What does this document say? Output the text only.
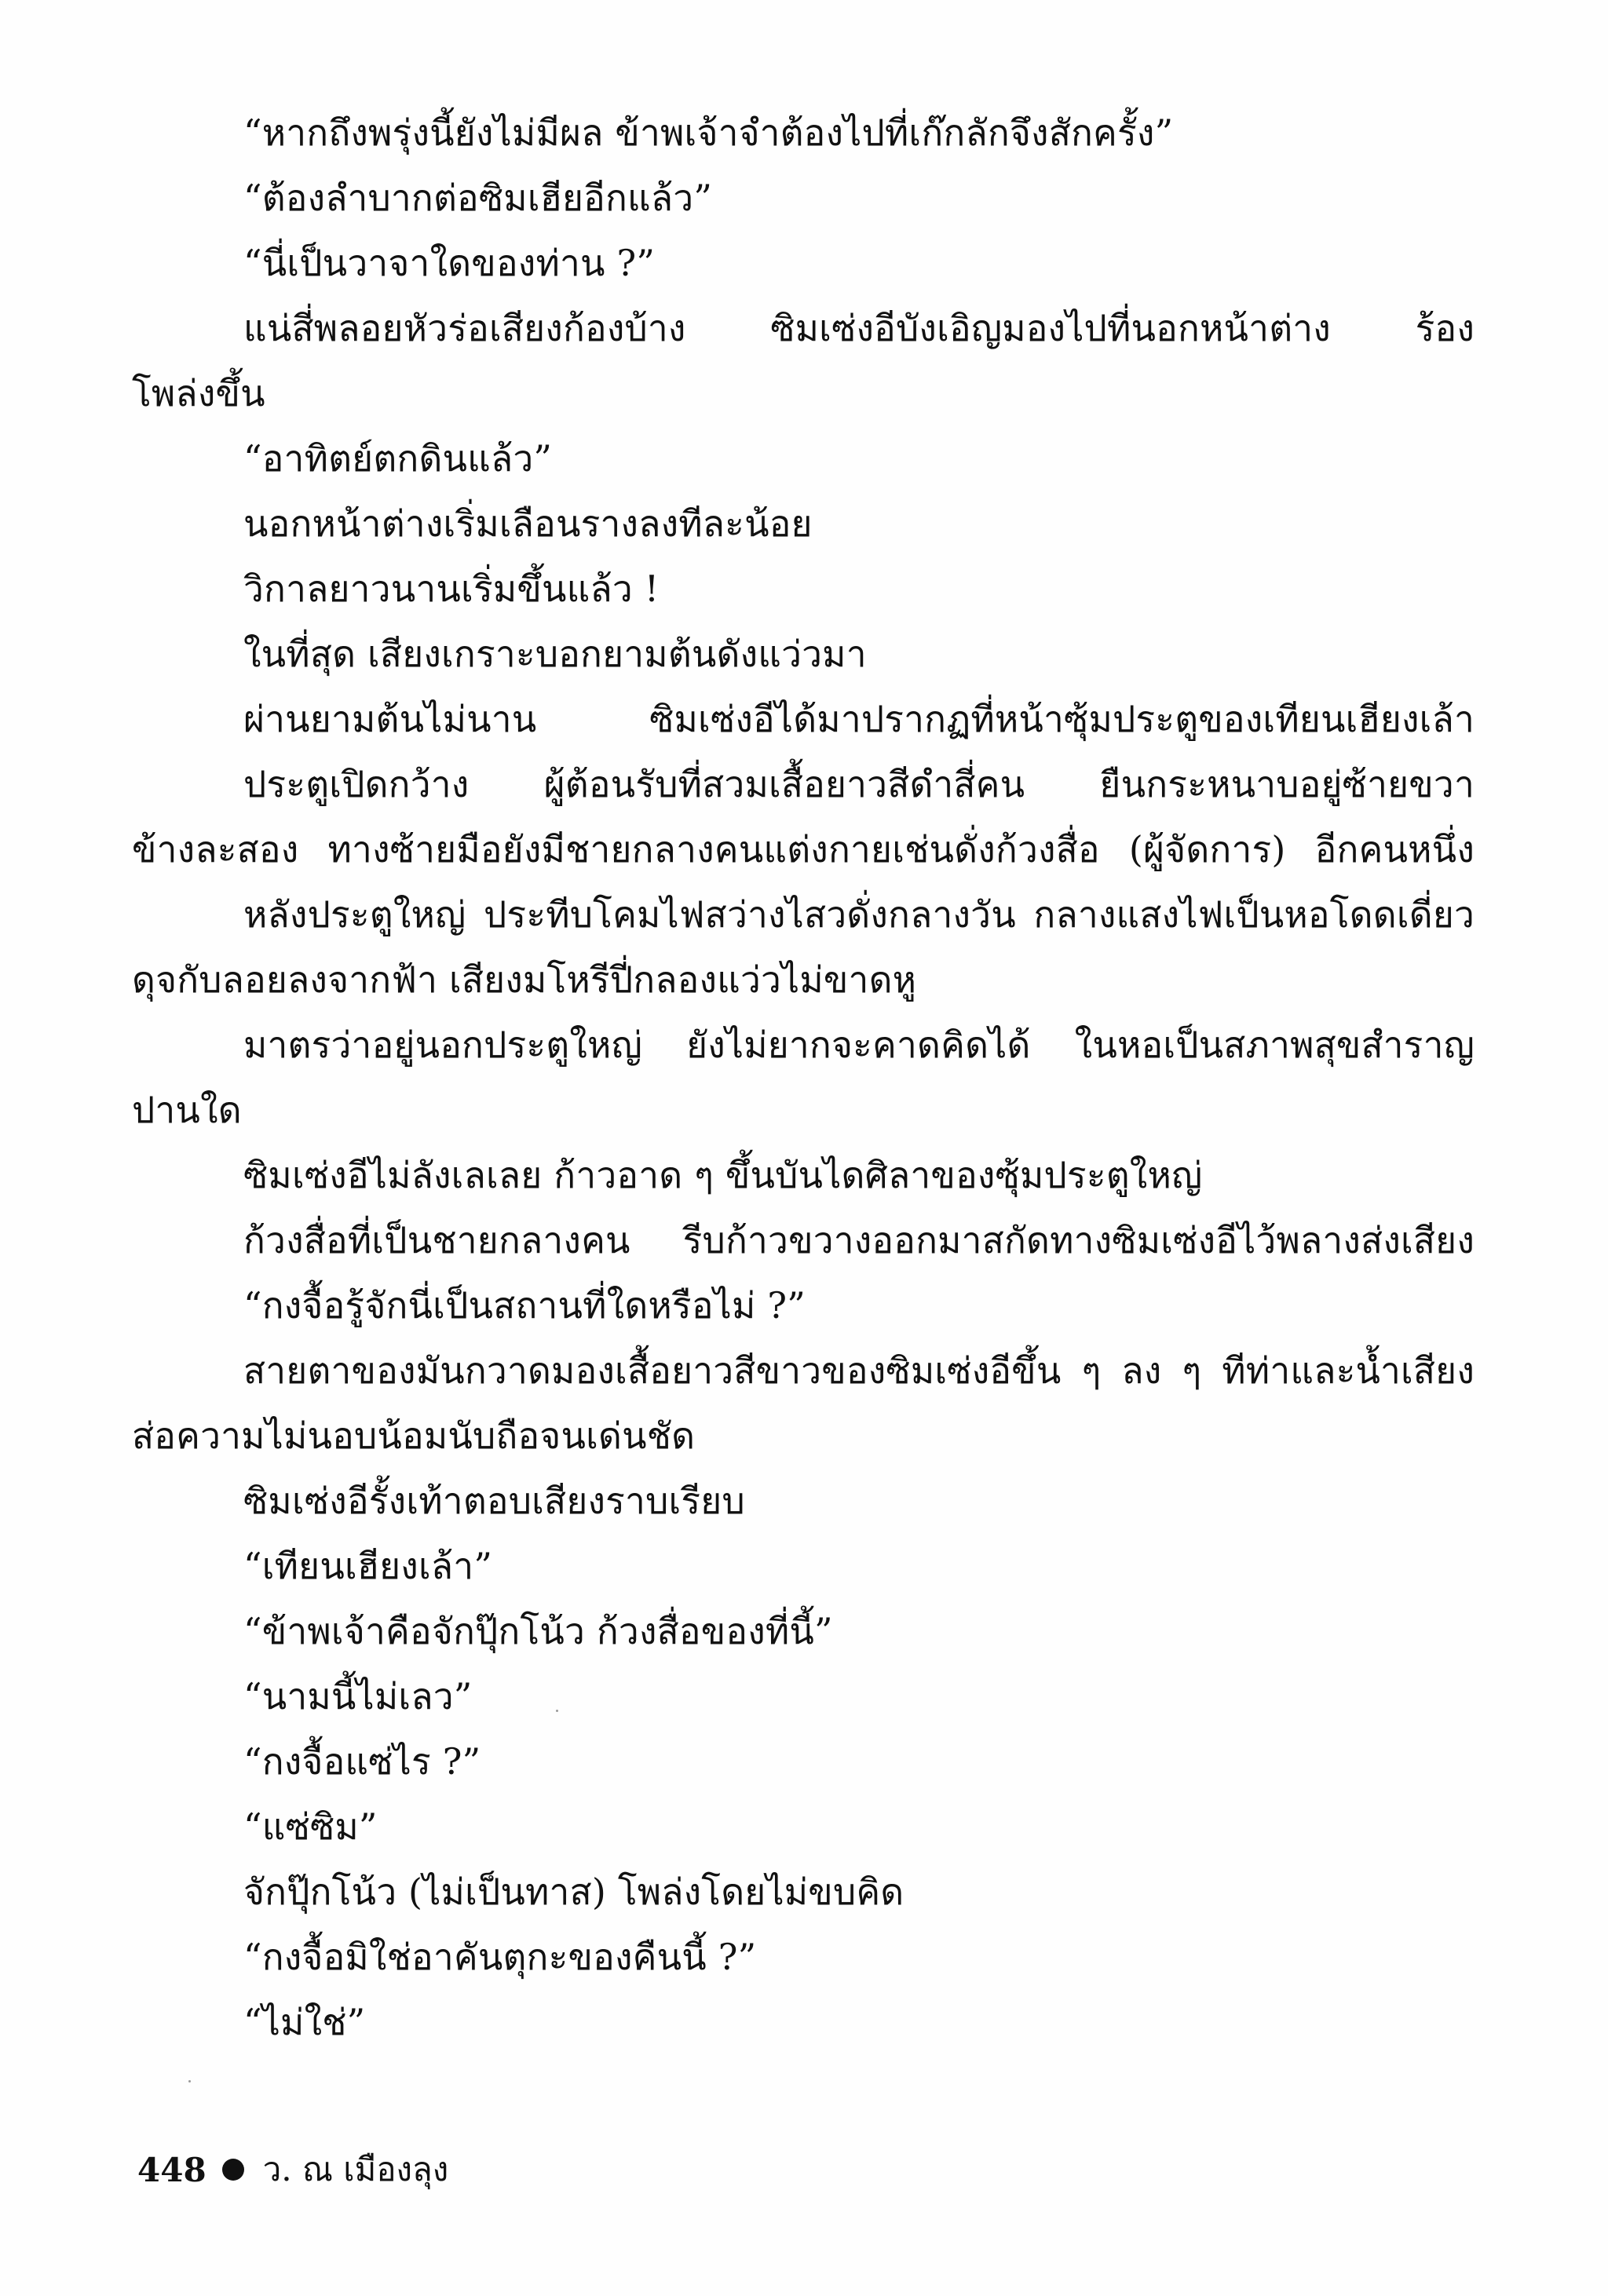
“หากถึงพรุ่งนี้ยังไม่มีผล ข้าพเจ้าจำต้องไปที่เก๊กลักจึงสักครั้ง”
“ต้องลำบากต่อซิมเฮียอีกแล้ว”
“นี่เป็นวาจาใดของท่าน ?”
แน่สี่พลอยหัวร่อเสียงก้องบ้าง ซิมเซ่งอีบังเอิญมองไปที่นอกหน้าต่าง ร้อง
โพล่งขึ้น
“อาทิตย์ตกดินแล้ว”
นอกหน้าต่างเริ่มเลือนรางลงทีละน้อย
วิกาลยาวนานเริ่มขึ้นแล้ว !
ในที่สุด เสียงเกราะบอกยามต้นดังแว่วมา
ผ่านยามต้นไม่นาน ซิมเซ่งอีได้มาปรากฏที่หน้าซุ้มประตูของเทียนเฮียงเล้า
ประตูเปิดกว้าง ผู้ต้อนรับที่สวมเสื้อยาวสีดำสี่คน ยืนกระหนาบอยู่ซ้ายขวา
ข้างละสอง ทางซ้ายมือยังมีชายกลางคนแต่งกายเช่นดั่งก้วงสื่อ (ผู้จัดการ) อีกคนหนึ่ง
หลังประตูใหญ่ ประทีบโคมไฟสว่างไสวดั่งกลางวัน กลางแสงไฟเป็นหอโดดเดี่ยว
ดุจกับลอยลงจากฟ้า เสียงมโหรีปี่กลองแว่วไม่ขาดหู
มาตรว่าอยู่นอกประตูใหญ่ ยังไม่ยากจะคาดคิดได้ ในหอเป็นสภาพสุขสำราญ
ปานใด
ซิมเซ่งอีไม่ลังเลเลย ก้าวอาด ๆ ขึ้นบันไดศิลาของซุ้มประตูใหญ่
ก้วงสื่อที่เป็นชายกลางคน รีบก้าวขวางออกมาสกัดทางซิมเซ่งอีไว้พลางส่งเสียง
“กงจื้อรู้จักนี่เป็นสถานที่ใดหรือไม่ ?”
สายตาของมันกวาดมองเสื้อยาวสีขาวของซิมเซ่งอีขึ้น ๆ ลง ๆ ทีท่าและน้ำเสียง
ส่อความไม่นอบน้อมนับถือจนเด่นชัด
ซิมเซ่งอีรั้งเท้าตอบเสียงราบเรียบ
“เทียนเฮียงเล้า”
“ข้าพเจ้าคือจักปุ๊กโน้ว ก้วงสื่อของที่นี้”
“นามนี้ไม่เลว”
“กงจื้อแซ่ไร ?”
“แซ่ซิม”
จักปุ๊กโน้ว (ไม่เป็นทาส) โพล่งโดยไม่ขบคิด
“กงจื้อมิใช่อาคันตุกะของคืนนี้ ?”
“ไม่ใช่”
448 ว. ณ เมืองลุง
